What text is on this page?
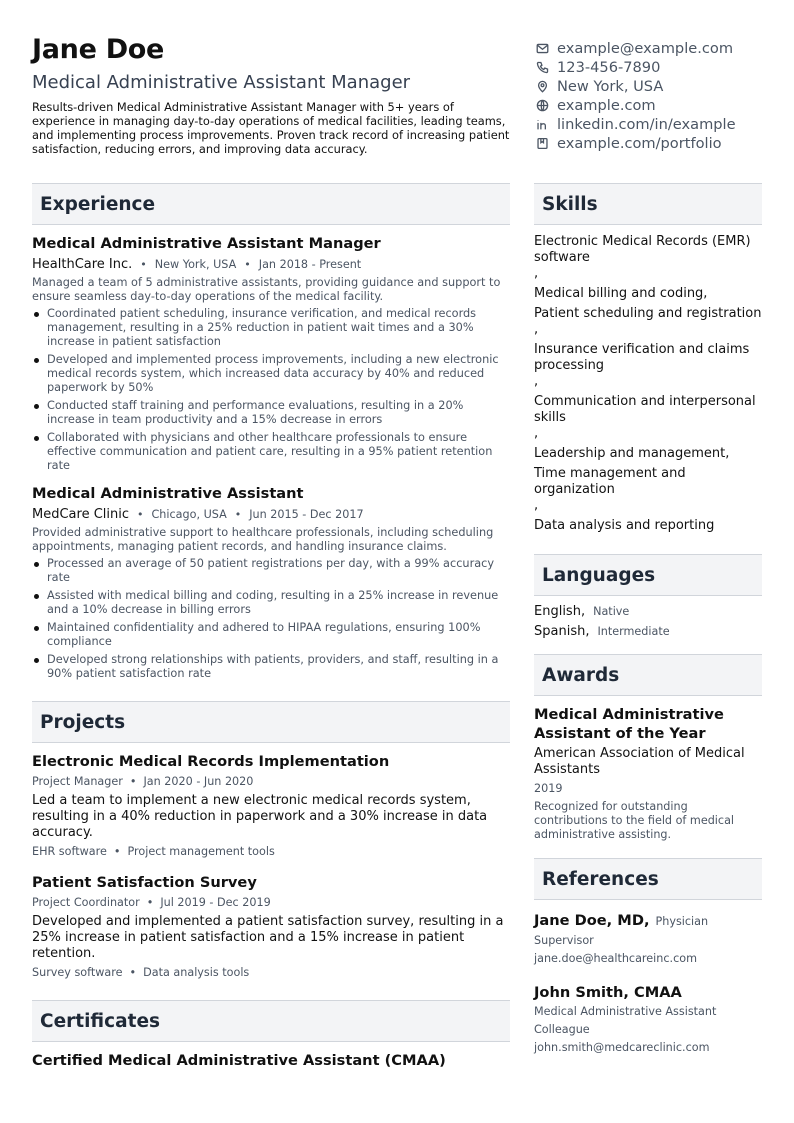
Jane Doe
Medical Administrative Assistant Manager
Results-driven Medical Administrative Assistant Manager with 5+ years of experience in managing day-to-day operations of medical facilities, leading teams, and implementing process improvements. Proven track record of increasing patient satisfaction, reducing errors, and improving data accuracy.
example@example.com
123-456-7890
New York, USA
example.com
linkedin.com/in/example
example.com/portfolio
Experience
Medical Administrative Assistant Manager
HealthCare Inc. • New York, USA • Jan 2018 - Present
Managed a team of 5 administrative assistants, providing guidance and support to ensure seamless day-to-day operations of the medical facility.
Coordinated patient scheduling, insurance verification, and medical records management, resulting in a 25% reduction in patient wait times and a 30% increase in patient satisfaction
Developed and implemented process improvements, including a new electronic medical records system, which increased data accuracy by 40% and reduced paperwork by 50%
Conducted staff training and performance evaluations, resulting in a 20% increase in team productivity and a 15% decrease in errors
Collaborated with physicians and other healthcare professionals to ensure effective communication and patient care, resulting in a 95% patient retention rate
Medical Administrative Assistant
MedCare Clinic • Chicago, USA • Jun 2015 - Dec 2017
Provided administrative support to healthcare professionals, including scheduling appointments, managing patient records, and handling insurance claims.
Processed an average of 50 patient registrations per day, with a 99% accuracy rate
Assisted with medical billing and coding, resulting in a 25% increase in revenue and a 10% decrease in billing errors
Maintained confidentiality and adhered to HIPAA regulations, ensuring 100% compliance
Developed strong relationships with patients, providers, and staff, resulting in a 90% patient satisfaction rate
Projects
Electronic Medical Records Implementation
Project Manager • Jan 2020 - Jun 2020
Led a team to implement a new electronic medical records system, resulting in a 40% reduction in paperwork and a 30% increase in data accuracy.
EHR software • Project management tools
Patient Satisfaction Survey
Project Coordinator • Jul 2019 - Dec 2019
Developed and implemented a patient satisfaction survey, resulting in a 25% increase in patient satisfaction and a 15% increase in patient retention.
Survey software • Data analysis tools
Certificates
Certified Medical Administrative Assistant (CMAA)
Skills
Electronic Medical Records (EMR) software
,
Medical billing and coding,
Patient scheduling and registration
,
Insurance verification and claims processing
,
Communication and interpersonal skills
,
Leadership and management,
Time management and organization
,
Data analysis and reporting
Languages
English, Native
Spanish, Intermediate
Awards
Medical Administrative Assistant of the Year
American Association of Medical Assistants
2019
Recognized for outstanding contributions to the field of medical administrative assisting.
References
Jane Doe, MD, Physician
Supervisor
jane.doe@healthcareinc.com
John Smith, CMAA
Medical Administrative Assistant
Colleague
john.smith@medcareclinic.com
